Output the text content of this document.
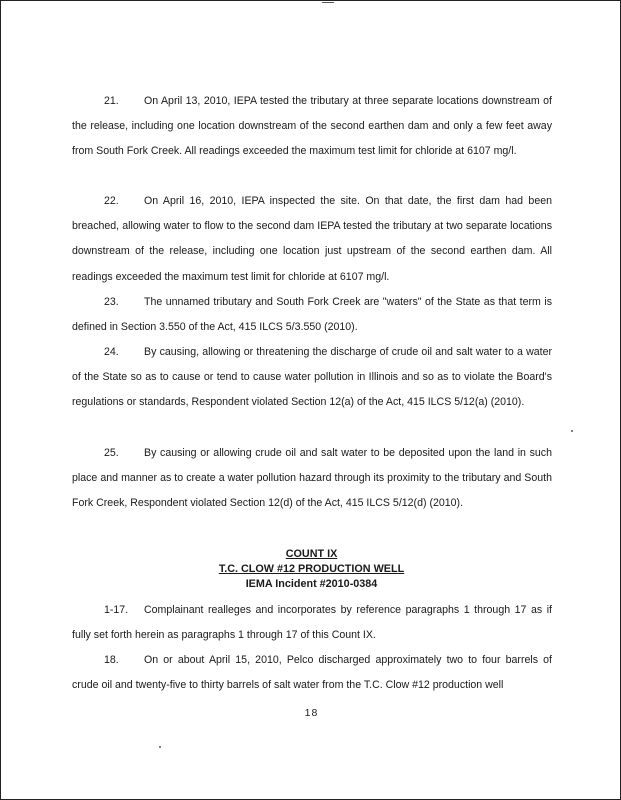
21. On April 13, 2010, IEPA tested the tributary at three separate locations downstream of the release, including one location downstream of the second earthen dam and only a few feet away from South Fork Creek. All readings exceeded the maximum test limit for chloride at 6107 mg/l.
22. On April 16, 2010, IEPA inspected the site. On that date, the first dam had been breached, allowing water to flow to the second dam IEPA tested the tributary at two separate locations downstream of the release, including one location just upstream of the second earthen dam. All readings exceeded the maximum test limit for chloride at 6107 mg/l.
23. The unnamed tributary and South Fork Creek are "waters" of the State as that term is defined in Section 3.550 of the Act, 415 ILCS 5/3.550 (2010).
24. By causing, allowing or threatening the discharge of crude oil and salt water to a water of the State so as to cause or tend to cause water pollution in Illinois and so as to violate the Board's regulations or standards, Respondent violated Section 12(a) of the Act, 415 ILCS 5/12(a) (2010).
25. By causing or allowing crude oil and salt water to be deposited upon the land in such place and manner as to create a water pollution hazard through its proximity to the tributary and South Fork Creek, Respondent violated Section 12(d) of the Act, 415 ILCS 5/12(d) (2010).
COUNT IX
T.C. CLOW #12 PRODUCTION WELL
IEMA Incident #2010-0384
1-17. Complainant realleges and incorporates by reference paragraphs 1 through 17 as if fully set forth herein as paragraphs 1 through 17 of this Count IX.
18. On or about April 15, 2010, Pelco discharged approximately two to four barrels of crude oil and twenty-five to thirty barrels of salt water from the T.C. Clow #12 production well
18
